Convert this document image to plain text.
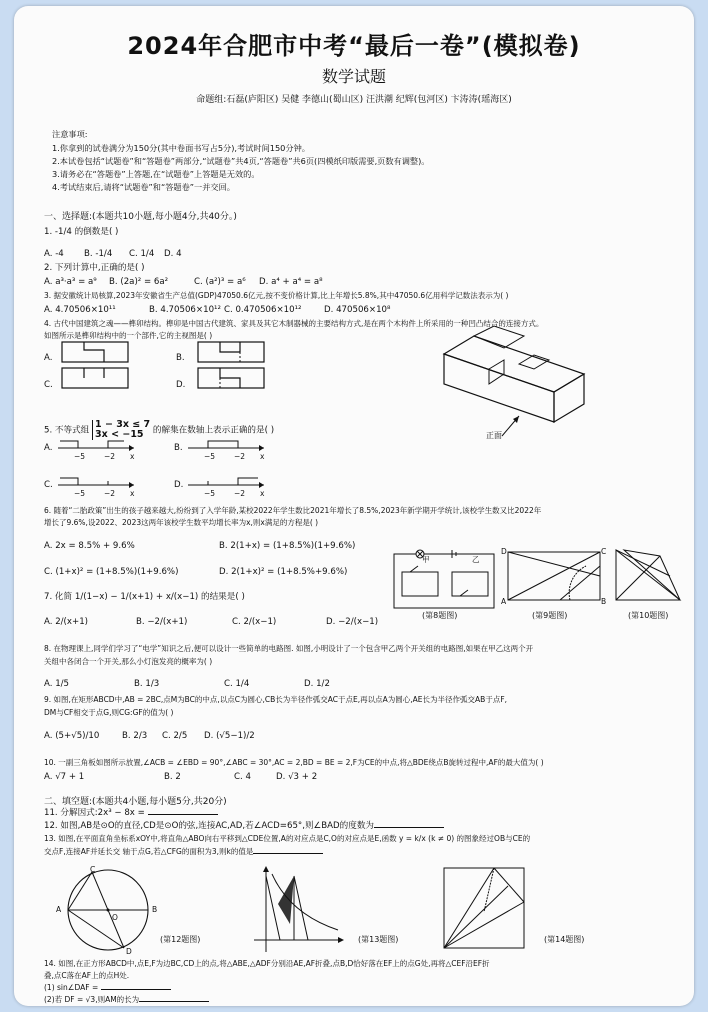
2024年合肥市中考“最后一卷”(模拟卷)
数学试题
命题组:石磊(庐阳区) 吴健 李德山(蜀山区) 汪洪潮 纪辉(包河区) 卞涛涛(瑶海区)
注意事项:
1.你拿到的试卷满分为150分(其中卷面书写占5分),考试时间150分钟。
2.本试卷包括“试题卷”和“答题卷”两部分,“试题卷”共4页,“答题卷”共6页(四模纸印版需要,页数有调整)。
3.请务必在“答题卷”上答题,在“试题卷”上答题是无效的。
4.考试结束后,请将“试题卷”和“答题卷”一并交回。
一、选择题:(本题共10小题,每小题4分,共40分。)
1. -1/4 的倒数是( )
A. -4 B. -1/4 C. 1/4 D. 4
2. 下列计算中,正确的是( )
A. a³·a³ = a⁹ B. (2a)² = 6a²	C. (a²)³ = a⁶ D. a⁴ + a⁴ = a⁸
3. 据安徽统计局核算,2023年安徽省生产总值(GDP)47050.6亿元,按不变价格计算,比上年增长5.8%,其中47050.6亿用科学记数法表示为( )
A. 4.70506×10¹¹	B. 4.70506×10¹² C. 0.470506×10¹²	D. 470506×10⁸
4. 古代中国建筑之魂——榫卯结构。榫卯是中国古代建筑、家具及其它木制器械的主要结构方式,是在两个木构件上所采用的一种凹凸结合的连接方式。
如图所示是榫卯结构中的一个部件,它的主视图是( )
A.	B.
C.	D.
正面
5. 不等式组
1 − 3x ≤ 7
3x < −15	的解集在数轴上表示正确的是( )
A.	B.
C.	D.
−5	−2 x	−5	−2 x
−5	−2 x	−5	−2 x
6. 随着“二胎政策”出生的孩子越来越大,纷纷到了入学年龄,某校2022年学生数比2021年增长了8.5%,2023年新学期开学统计,该校学生数又比2022年
增长了9.6%,设2022、2023这两年该校学生数平均增长率为x,则x满足的方程是( )
A. 2x = 8.5% + 9.6%	B. 2(1+x) = (1+8.5%)(1+9.6%)
C. (1+x)² = (1+8.5%)(1+9.6%)	D. 2(1+x)² = (1+8.5%+9.6%)
7. 化简 1/(1−x) − 1/(x+1) + x/(x−1) 的结果是( )
A. 2/(x+1)	B. −2/(x+1)	C. 2/(x−1)	D. −2/(x−1)
甲	乙
(第8题图)
D	C
A	B
(第9题图)	(第10题图)
8. 在物理课上,同学们学习了“电学”知识之后,便可以设计一些简单的电路图. 如图,小明设计了一个包含甲乙两个开关组的电路图,如果在甲乙这两个开
关组中各闭合一个开关,那么小灯泡发亮的概率为( )
A. 1/5	B. 1/3	C. 1/4	D. 1/2
9. 如图,在矩形ABCD中,AB = 2BC,点M为BC的中点,以点C为圆心,CB长为半径作弧交AC于点E,再以点A为圆心,AE长为半径作弧交AB于点F,
DM与CF相交于点G,则CG:GF的值为( )
A. (5+√5)/10	B. 2/3 C. 2/5 D. (√5−1)/2
10. 一副三角板如图所示放置,∠ACB = ∠EBD = 90°,∠ABC = 30°,AC = 2,BD = BE = 2,F为CE的中点,将△BDE绕点B旋转过程中,AF的最大值为( )
A. √7 + 1	B. 2	C. 4	D. √3 + 2
二、填空题:(本题共4小题,每小题5分,共20分)
11. 分解因式:2x³ − 8x =
12. 如图,AB是⊙O的直径,CD是⊙O的弦,连接AC,AD,若∠ACD=65°,则∠BAD的度数为
13. 如图,在平面直角坐标系xOY中,将直角△ABO向右平移到△CDE位置,A的对应点是C,O的对应点是E,函数 y = k/x (k ≠ 0) 的图象经过OB与CE的
交点F,连接AF并延长交 轴于点G,若△CFG的面积为3,则k的值是
A	B
C
D
O
(第12题图)	(第13题图)	(第14题图)
14. 如图,在正方形ABCD中,点E,F为边BC,CD上的点,将△ABE,△ADF分别沿AE,AF折叠,点B,D恰好落在EF上的点G处,再将△CEF沿EF折
叠,点C落在AF上的点H处.
(1) sin∠DAF =
(2)若 DF = √3,则AM的长为
